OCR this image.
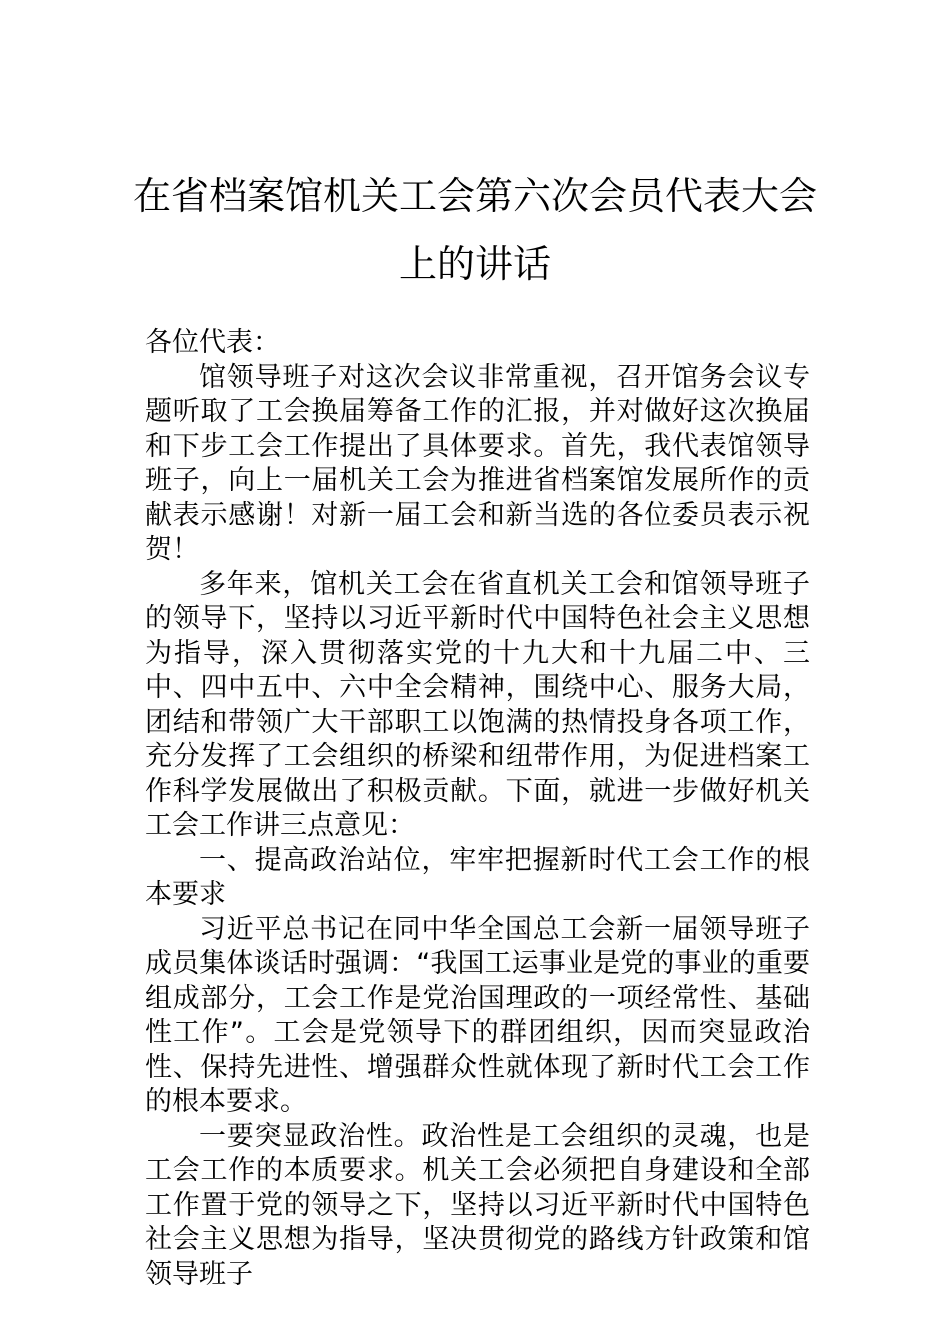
在省档案馆机关工会第六次会员代表大会上的讲话

各位代表：

馆领导班子对这次会议非常重视，召开馆务会议专题听取了工会换届筹备工作的汇报，并对做好这次换届和下步工会工作提出了具体要求。首先，我代表馆领导班子，向上一届机关工会为推进省档案馆发展所作的贡献表示感谢！对新一届工会和新当选的各位委员表示祝贺！

多年来，馆机关工会在省直机关工会和馆领导班子的领导下，坚持以习近平新时代中国特色社会主义思想为指导，深入贯彻落实党的十九大和十九届二中、三中、四中五中、六中全会精神，围绕中心、服务大局，团结和带领广大干部职工以饱满的热情投身各项工作，充分发挥了工会组织的桥梁和纽带作用，为促进档案工作科学发展做出了积极贡献。下面，就进一步做好机关工会工作讲三点意见：

一、提高政治站位，牢牢把握新时代工会工作的根本要求

习近平总书记在同中华全国总工会新一届领导班子成员集体谈话时强调：“我国工运事业是党的事业的重要组成部分，工会工作是党治国理政的一项经常性、基础性工作”。工会是党领导下的群团组织，因而突显政治性、保持先进性、增强群众性就体现了新时代工会工作的根本要求。

一要突显政治性。政治性是工会组织的灵魂，也是工会工作的本质要求。机关工会必须把自身建设和全部工作置于党的领导之下，坚持以习近平新时代中国特色社会主义思想为指导，坚决贯彻党的路线方针政策和馆领导班子
